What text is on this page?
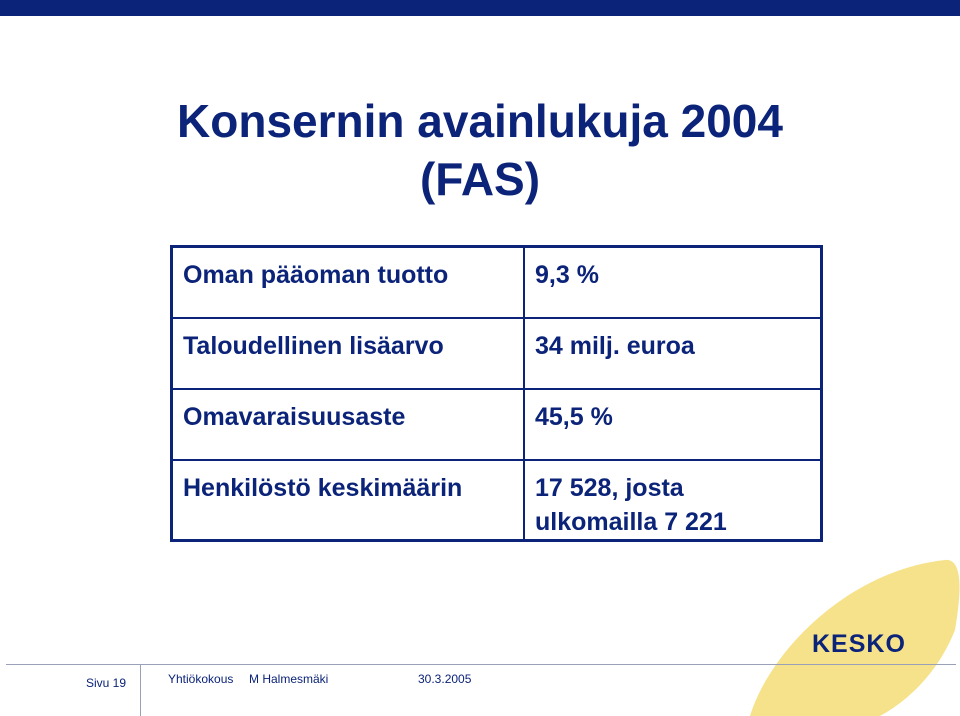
Konsernin avainlukuja 2004
(FAS)
Oman pääoman tuotto	9,3 %
Taloudellinen lisäarvo	34 milj. euroa
Omavaraisuusaste	45,5 %
Henkilöstö keskimäärin	17 528, josta
ulkomailla 7 221
KESKO
Sivu 19	Yhtiökokous M Halmesmäki	30.3.2005
